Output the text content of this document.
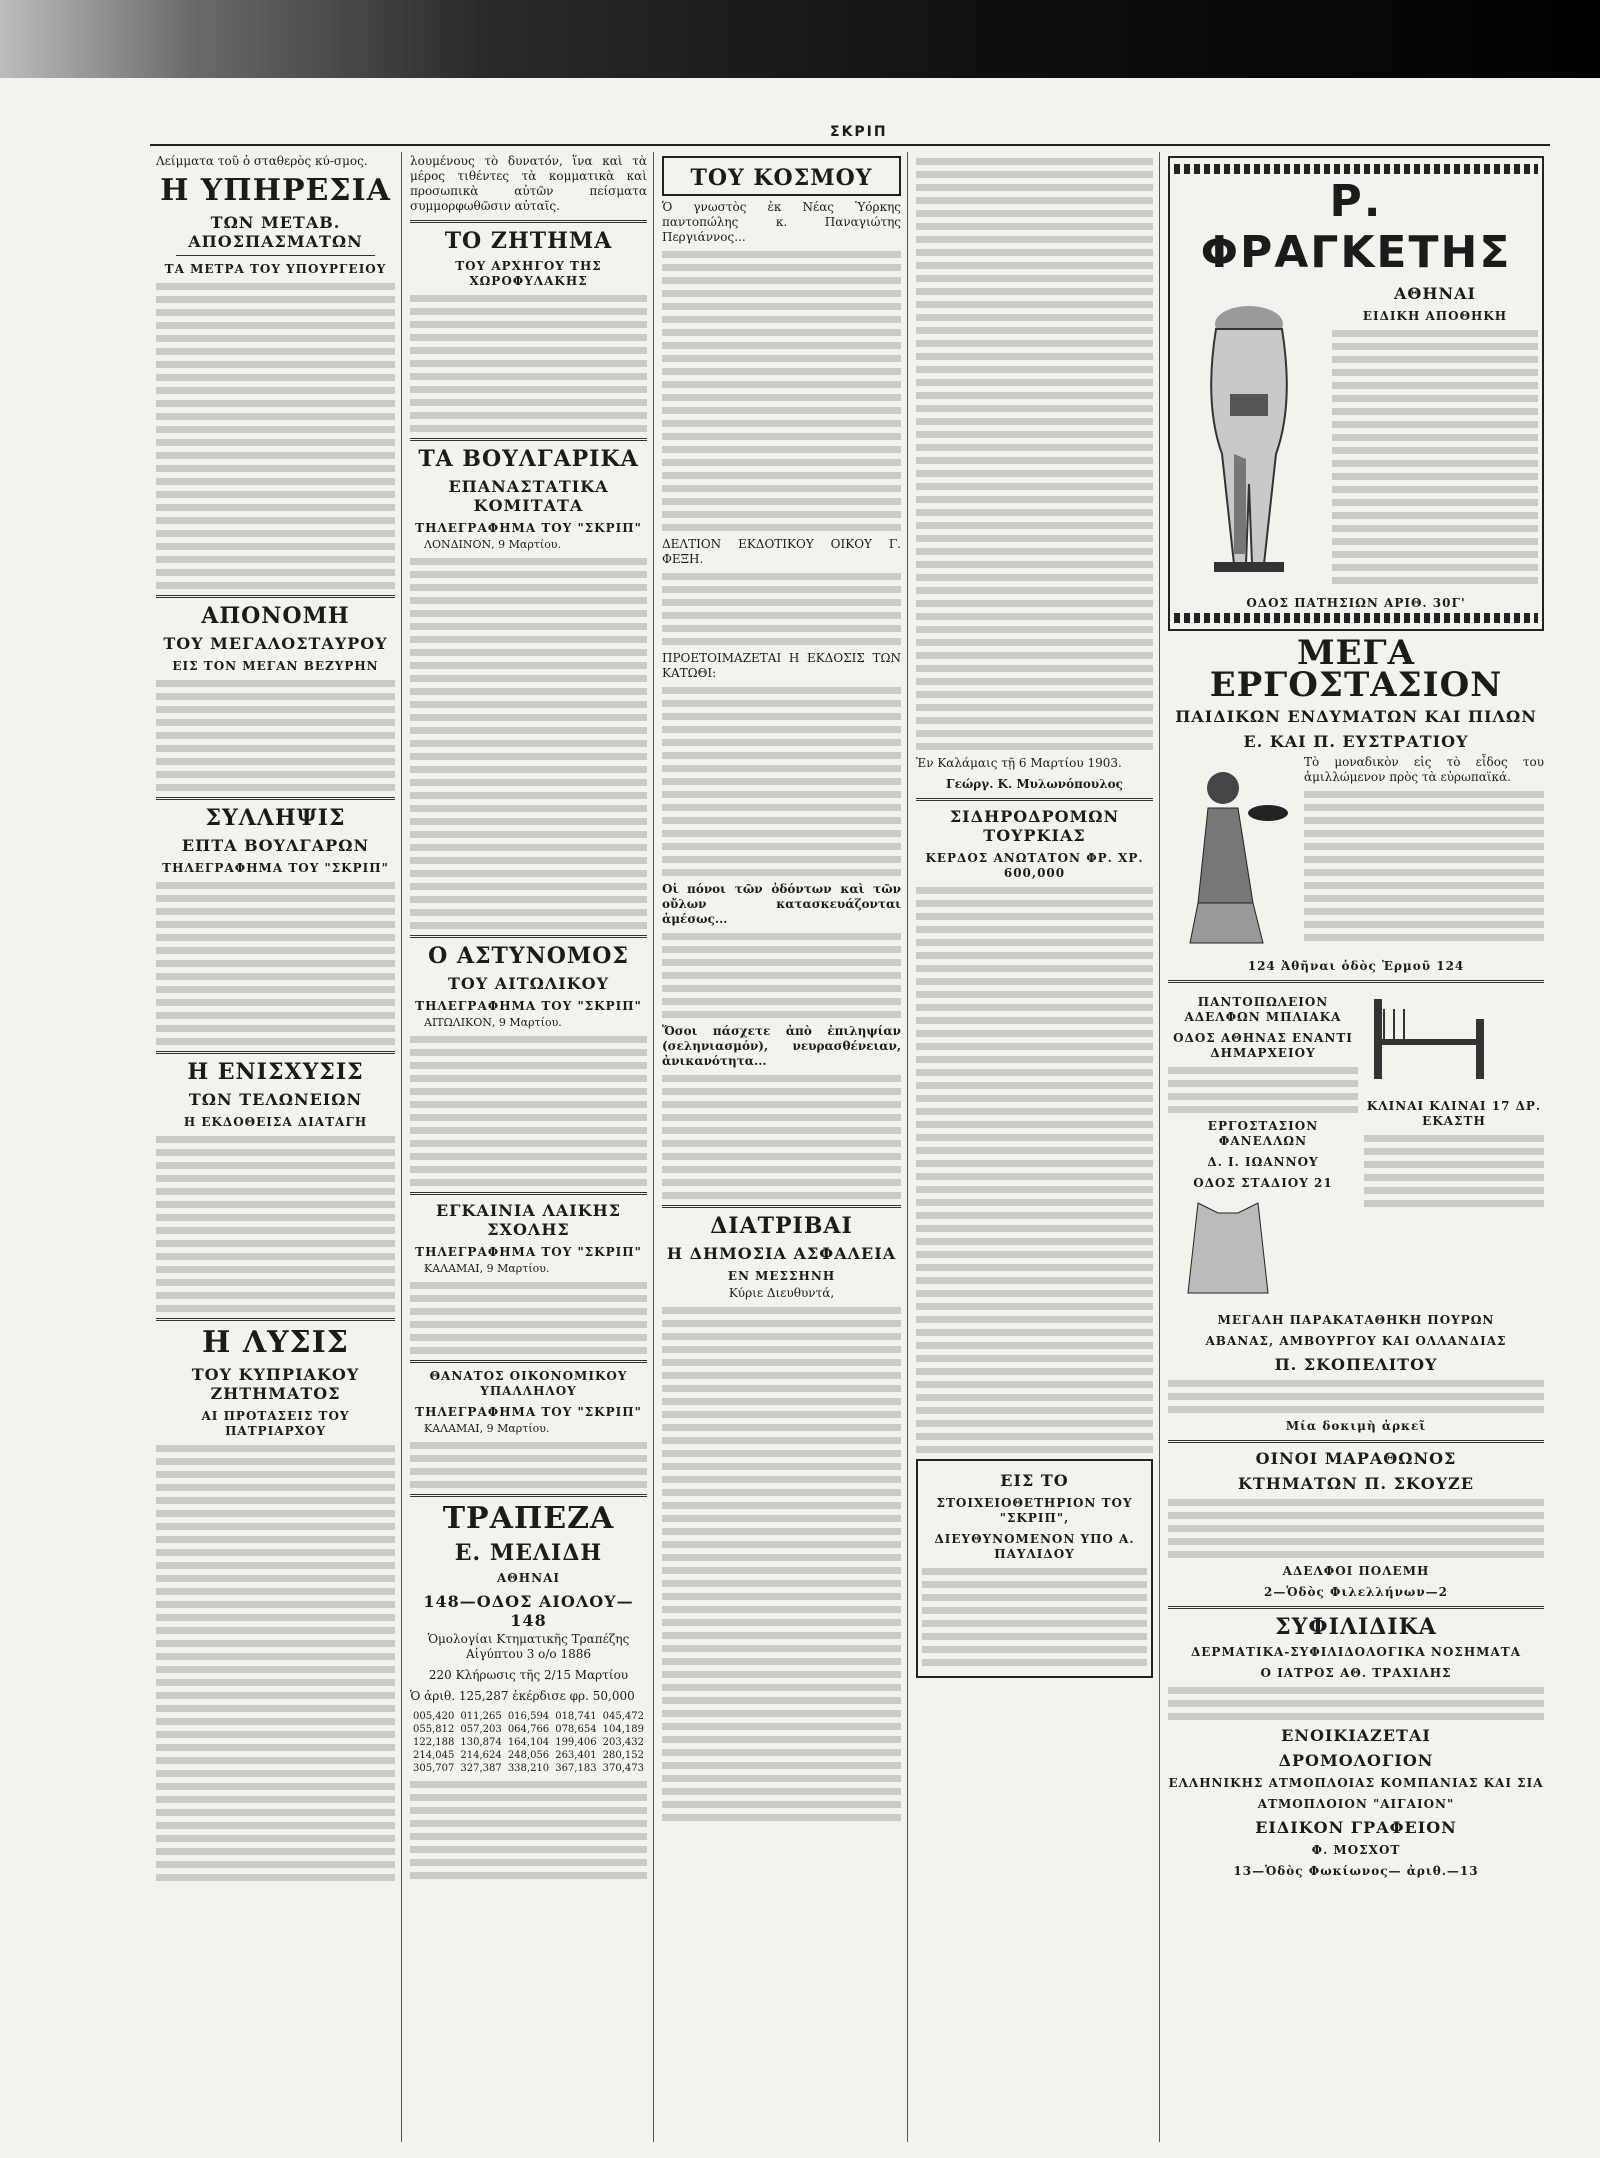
ΣΚΡΙΠ

Λείμματα τοῦ ὁ σταθερὸς κύ-σμος.

Η ΥΠΗΡΕΣΙΑ
ΤΩΝ ΜΕΤΑΒ. ΑΠΟΣΠΑΣΜΑΤΩΝ
ΤΑ ΜΕΤΡΑ ΤΟΥ ΥΠΟΥΡΓΕΙΟΥ
ΑΠΟΝΟΜΗ
ΤΟΥ ΜΕΓΑΛΟΣΤΑΥΡΟΥ
ΕΙΣ ΤΟΝ ΜΕΓΑΝ ΒΕΖΥΡΗΝ
ΣΥΛΛΗΨΙΣ
ΕΠΤΑ ΒΟΥΛΓΑΡΩΝ
ΤΗΛΕΓΡΑΦΗΜΑ ΤΟΥ "ΣΚΡΙΠ"
Η ΕΝΙΣΧΥΣΙΣ
ΤΩΝ ΤΕΛΩΝΕΙΩΝ
Η ΕΚΔΟΘΕΙΣΑ ΔΙΑΤΑΓΗ
Η ΛΥΣΙΣ
ΤΟΥ ΚΥΠΡΙΑΚΟΥ ΖΗΤΗΜΑΤΟΣ
ΑΙ ΠΡΟΤΑΣΕΙΣ ΤΟΥ ΠΑΤΡΙΑΡΧΟΥ

λουμένους τὸ δυνατόν, ἵνα καὶ τὰ μέρος τιθέντες τὰ κομματικὰ καὶ προσωπικὰ αὐτῶν πείσματα συμμορφωθῶσιν αὐταῖς.

ΤΟ ΖΗΤΗΜΑ
ΤΟΥ ΑΡΧΗΓΟΥ ΤΗΣ ΧΩΡΟΦΥΛΑΚΗΣ
ΤΑ ΒΟΥΛΓΑΡΙΚΑ
ΕΠΑΝΑΣΤΑΤΙΚΑ ΚΟΜΙΤΑΤΑ
ΤΗΛΕΓΡΑΦΗΜΑ ΤΟΥ "ΣΚΡΙΠ"

ΛΟΝΔΙΝΟΝ, 9 Μαρτίου.

Ο ΑΣΤΥΝΟΜΟΣ
ΤΟΥ ΑΙΤΩΛΙΚΟΥ
ΤΗΛΕΓΡΑΦΗΜΑ ΤΟΥ "ΣΚΡΙΠ"

ΑΙΤΩΛΙΚΟΝ, 9 Μαρτίου.

ΕΓΚΑΙΝΙΑ ΛΑΙΚΗΣ ΣΧΟΛΗΣ
ΤΗΛΕΓΡΑΦΗΜΑ ΤΟΥ "ΣΚΡΙΠ"

ΚΑΛΑΜΑΙ, 9 Μαρτίου.

ΘΑΝΑΤΟΣ ΟΙΚΟΝΟΜΙΚΟΥ ΥΠΑΛΛΗΛΟΥ
ΤΗΛΕΓΡΑΦΗΜΑ ΤΟΥ "ΣΚΡΙΠ"

ΚΑΛΑΜΑΙ, 9 Μαρτίου.

ΤΡΑΠΕΖΑ
Ε. ΜΕΛΙΔΗ
ΑΘΗΝΑΙ
148—ΟΔΟΣ ΑΙΟΛΟΥ—148

Ὁμολογίαι Κτηματικῆς Τραπέζης Αἰγύπτου 3 ο/ο 1886

220 Κλήρωσις τῆς 2/15 Μαρτίου

Ὁ ἀριθ. 125,287 ἐκέρδισε φρ. 50,000

005,420 011,265 016,594 018,741 045,472
055,812 057,203 064,766 078,654 104,189
122,188 130,874 164,104 199,406 203,432
214,045 214,624 248,056 263,401 280,152
305,707 327,387 338,210 367,183 370,473
ΤΟΥ ΚΟΣΜΟΥ

Ὁ γνωστὸς ἐκ Νέας Ὑόρκης παντοπώλης κ. Παναγιώτης Περγιάννος...

ΔΕΛΤΙΟΝ ΕΚΔΟΤΙΚΟΥ ΟΙΚΟΥ Γ. ΦΕΞΗ.

ΠΡΟΕΤΟΙΜΑΖΕΤΑΙ Η ΕΚΔΟΣΙΣ ΤΩΝ ΚΑΤΩΘΙ:

Οἱ πόνοι τῶν ὀδόντων καὶ τῶν οὔλων κατασκευάζονται ἀμέσως...

Ὅσοι πάσχετε ἀπὸ ἐπιληψίαν (σεληνιασμόν), νευρασθένειαν, ἀνικανότητα...

ΔΙΑΤΡΙΒΑΙ
Η ΔΗΜΟΣΙΑ ΑΣΦΑΛΕΙΑ
ΕΝ ΜΕΣΣΗΝΗ

Κύριε Διευθυντά,

Ἐν Καλάμαις τῇ 6 Μαρτίου 1903.

Γεώργ. Κ. Μυλωνόπουλος

ΣΙΔΗΡΟΔΡΟΜΩΝ ΤΟΥΡΚΙΑΣ
ΚΕΡΔΟΣ ΑΝΩΤΑΤΟΝ ΦΡ. ΧΡ. 600,000
ΕΙΣ ΤΟ
ΣΤΟΙΧΕΙΟΘΕΤΗΡΙΟΝ ΤΟΥ "ΣΚΡΙΠ",
ΔΙΕΥΘΥΝΟΜΕΝΟΝ ΥΠΟ Α. ΠΑΥΛΙΔΟΥ
Ρ. ΦΡΑΓΚΕΤΗΣ
ΑΘΗΝΑΙ
ΕΙΔΙΚΗ ΑΠΟΘΗΚΗ
ΟΔΟΣ ΠΑΤΗΣΙΩΝ ΑΡΙΘ. 30Γ'
ΜΕΓΑ ΕΡΓΟΣΤΑΣΙΟΝ
ΠΑΙΔΙΚΩΝ ΕΝΔΥΜΑΤΩΝ ΚΑΙ ΠΙΛΩΝ
Ε. ΚΑΙ Π. ΕΥΣΤΡΑΤΙΟΥ

Τὸ μοναδικὸν εἰς τὸ εἶδος του ἀμιλλώμενον πρὸς τὰ εὐρωπαϊκά.

124 Ἀθῆναι ὁδὸς Ἑρμοῦ 124
ΠΑΝΤΟΠΩΛΕΙΟΝ ΑΔΕΛΦΩΝ ΜΠΛΙΑΚΑ
ΟΔΟΣ ΑΘΗΝΑΣ ΕΝΑΝΤΙ ΔΗΜΑΡΧΕΙΟΥ
ΕΡΓΟΣΤΑΣΙΟΝ ΦΑΝΕΛΛΩΝ
Δ. Ι. ΙΩΑΝΝΟΥ
ΟΔΟΣ ΣΤΑΔΙΟΥ 21
ΚΛΙΝΑΙ ΚΛΙΝΑΙ 17 ΔΡ. ΕΚΑΣΤΗ
ΜΕΓΑΛΗ ΠΑΡΑΚΑΤΑΘΗΚΗ ΠΟΥΡΩΝ
ΑΒΑΝΑΣ, ΑΜΒΟΥΡΓΟΥ ΚΑΙ ΟΛΛΑΝΔΙΑΣ
Π. ΣΚΟΠΕΛΙΤΟΥ
Μία δοκιμὴ ἀρκεῖ
ΟΙΝΟΙ ΜΑΡΑΘΩΝΟΣ
ΚΤΗΜΑΤΩΝ Π. ΣΚΟΥΖΕ
ΑΔΕΛΦΟΙ ΠΟΛΕΜΗ
2—Ὁδὸς Φιλελλήνων—2
ΣΥΦΙΛΙΔΙΚΑ
ΔΕΡΜΑΤΙΚΑ-ΣΥΦΙΛΙΔΟΛΟΓΙΚΑ ΝΟΣΗΜΑΤΑ
Ο ΙΑΤΡΟΣ ΑΘ. ΤΡΑΧΙΛΗΣ
ΕΝΟΙΚΙΑΖΕΤΑΙ
ΔΡΟΜΟΛΟΓΙΟΝ
ΕΛΛΗΝΙΚΗΣ ΑΤΜΟΠΛΟΙΑΣ ΚΟΜΠΑΝΙΑΣ ΚΑΙ ΣΙΑ
ΑΤΜΟΠΛΟΙΟΝ "ΑΙΓΑΙΟΝ"
ΕΙΔΙΚΟΝ ΓΡΑΦΕΙΟΝ
Φ. ΜΟΣΧΟΤ
13—Ὁδὸς Φωκίωνος— ἀριθ.—13
